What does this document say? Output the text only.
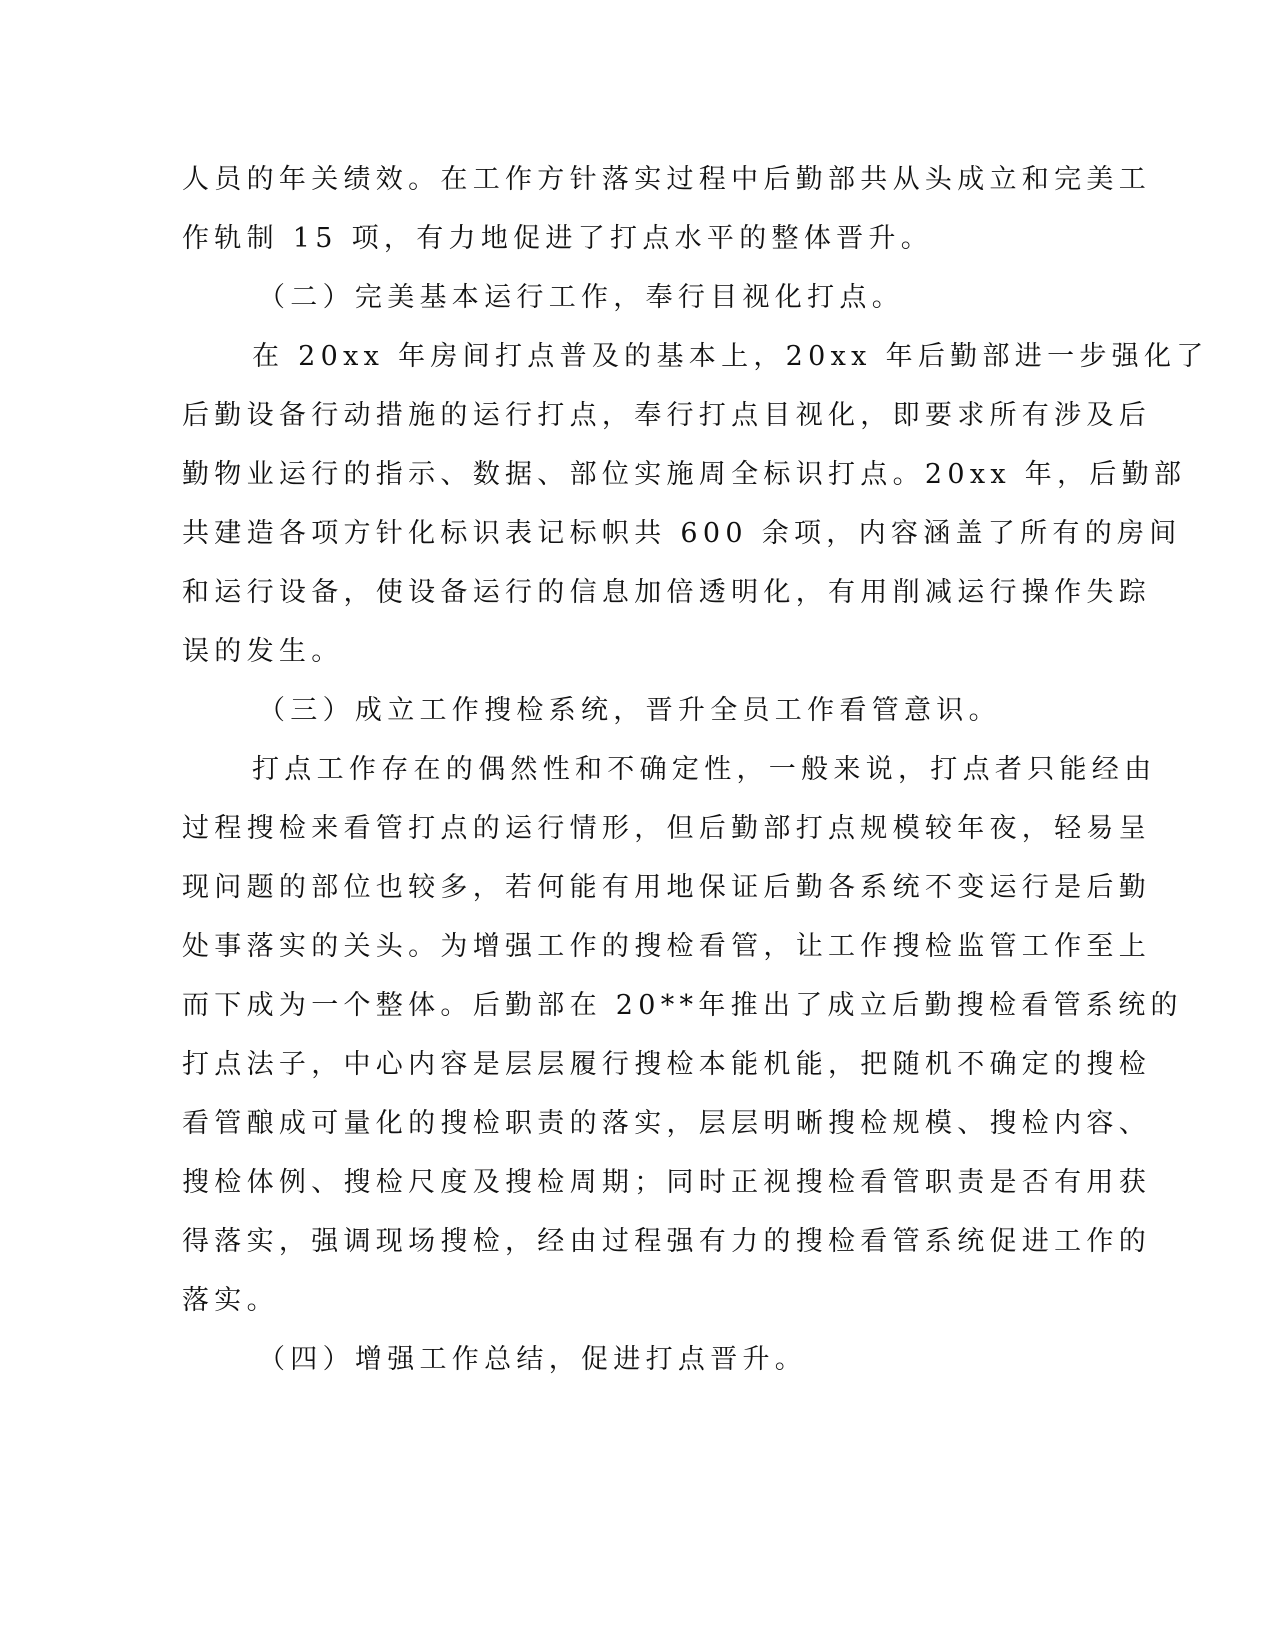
人员的年关绩效。在工作方针落实过程中后勤部共从头成立和完美工
作轨制 15 项，有力地促进了打点水平的整体晋升。
（二）完美基本运行工作，奉行目视化打点。
在 20xx 年房间打点普及的基本上，20xx 年后勤部进一步强化了
后勤设备行动措施的运行打点，奉行打点目视化，即要求所有涉及后
勤物业运行的指示、数据、部位实施周全标识打点。20xx 年，后勤部
共建造各项方针化标识表记标帜共 600 余项，内容涵盖了所有的房间
和运行设备，使设备运行的信息加倍透明化，有用削减运行操作失踪
误的发生。
（三）成立工作搜检系统，晋升全员工作看管意识。
打点工作存在的偶然性和不确定性，一般来说，打点者只能经由
过程搜检来看管打点的运行情形，但后勤部打点规模较年夜，轻易呈
现问题的部位也较多，若何能有用地保证后勤各系统不变运行是后勤
处事落实的关头。为增强工作的搜检看管，让工作搜检监管工作至上
而下成为一个整体。后勤部在 20**年推出了成立后勤搜检看管系统的
打点法子，中心内容是层层履行搜检本能机能，把随机不确定的搜检
看管酿成可量化的搜检职责的落实，层层明晰搜检规模、搜检内容、
搜检体例、搜检尺度及搜检周期；同时正视搜检看管职责是否有用获
得落实，强调现场搜检，经由过程强有力的搜检看管系统促进工作的
落实。
（四）增强工作总结，促进打点晋升。
